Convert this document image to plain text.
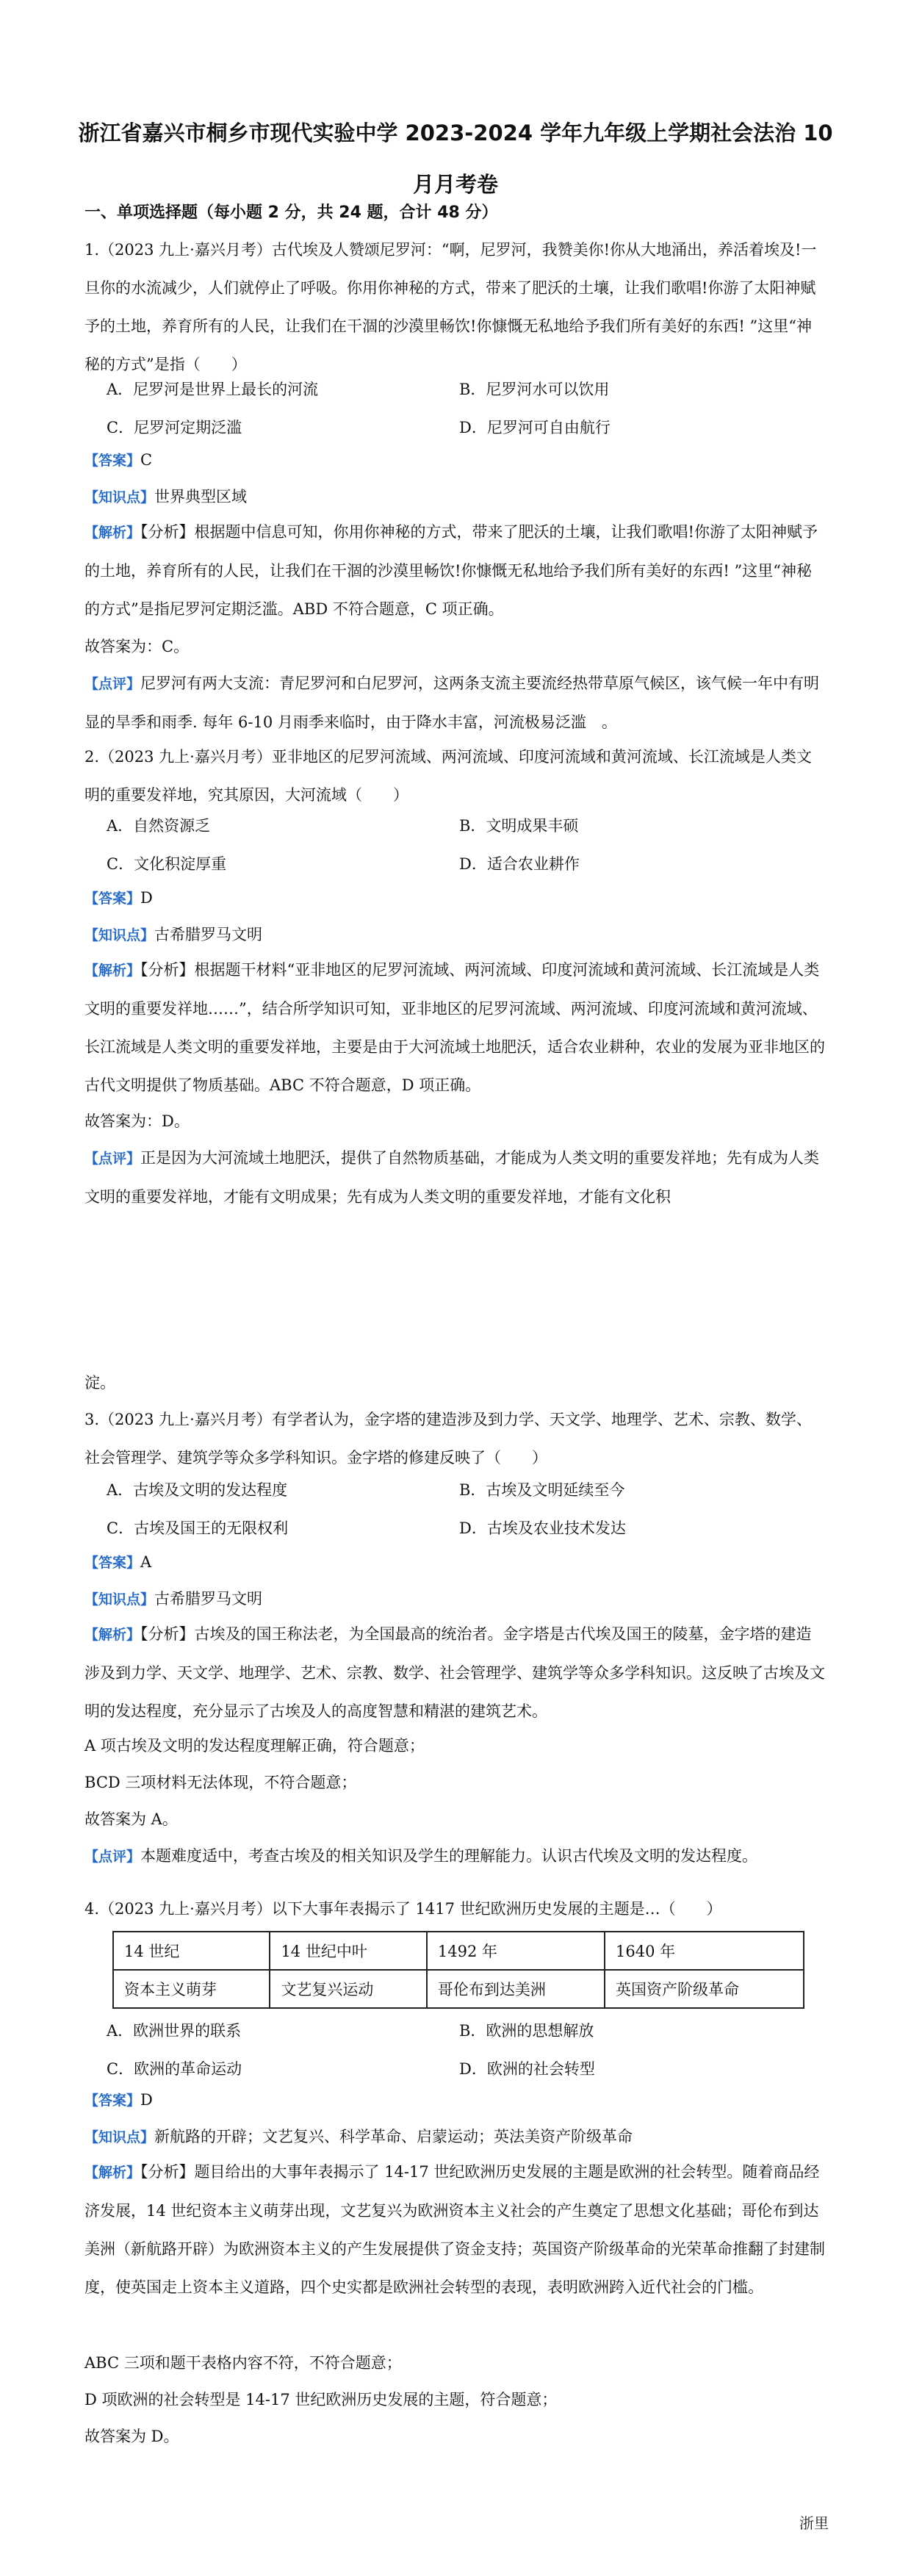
浙江省嘉兴市桐乡市现代实验中学 2023-2024 学年九年级上学期社会法治 10
月月考卷
一、单项选择题（每小题 2 分，共 24 题，合计 48 分）
1.（2023 九上·嘉兴月考）古代埃及人赞颂尼罗河：“啊，尼罗河，我赞美你!你从大地涌出，养活着埃及!一旦你的水流减少，人们就停止了呼吸。你用你神秘的方式，带来了肥沃的土壤，让我们歌唱!你游了太阳神赋予的土地，养育所有的人民，让我们在干涸的沙漠里畅饮!你慷慨无私地给予我们所有美好的东西! ”这里“神秘的方式”是指（　　）
A．尼罗河是世界上最长的河流	B．尼罗河水可以饮用
C．尼罗河定期泛滥	D．尼罗河可自由航行
【答案】C
【知识点】世界典型区域
【解析】【分析】根据题中信息可知，你用你神秘的方式，带来了肥沃的土壤，让我们歌唱!你游了太阳神赋予的土地，养育所有的人民，让我们在干涸的沙漠里畅饮!你慷慨无私地给予我们所有美好的东西! ”这里“神秘的方式”是指尼罗河定期泛滥。ABD 不符合题意，C 项正确。
故答案为：C。
【点评】尼罗河有两大支流：青尼罗河和白尼罗河，这两条支流主要流经热带草原气候区，该气候一年中有明显的旱季和雨季. 每年 6-10 月雨季来临时，由于降水丰富，河流极易泛滥　。
2.（2023 九上·嘉兴月考）亚非地区的尼罗河流域、两河流域、印度河流域和黄河流域、长江流域是人类文明的重要发祥地，究其原因，大河流域（　　）
A．自然资源乏	B．文明成果丰硕
C．文化积淀厚重	D．适合农业耕作
【答案】D
【知识点】古希腊罗马文明
【解析】【分析】根据题干材料“亚非地区的尼罗河流域、两河流域、印度河流域和黄河流域、长江流域是人类文明的重要发祥地……”，结合所学知识可知，亚非地区的尼罗河流域、两河流域、印度河流域和黄河流域、长江流域是人类文明的重要发祥地，主要是由于大河流域土地肥沃，适合农业耕种，农业的发展为亚非地区的古代文明提供了物质基础。ABC 不符合题意，D 项正确。
故答案为：D。
【点评】正是因为大河流域土地肥沃，提供了自然物质基础，才能成为人类文明的重要发祥地；先有成为人类文明的重要发祥地，才能有文明成果；先有成为人类文明的重要发祥地，才能有文化积
淀。
3.（2023 九上·嘉兴月考）有学者认为，金字塔的建造涉及到力学、天文学、地理学、艺术、宗教、数学、社会管理学、建筑学等众多学科知识。金字塔的修建反映了（　　）
A．古埃及文明的发达程度	B．古埃及文明延续至今
C．古埃及国王的无限权利	D．古埃及农业技术发达
【答案】A
【知识点】古希腊罗马文明
【解析】【分析】古埃及的国王称法老，为全国最高的统治者。金字塔是古代埃及国王的陵墓，金字塔的建造涉及到力学、天文学、地理学、艺术、宗教、数学、社会管理学、建筑学等众多学科知识。这反映了古埃及文明的发达程度，充分显示了古埃及人的高度智慧和精湛的建筑艺术。
A 项古埃及文明的发达程度理解正确，符合题意；
BCD 三项材料无法体现，不符合题意；
故答案为 A。
【点评】本题难度适中，考查古埃及的相关知识及学生的理解能力。认识古代埃及文明的发达程度。
4.（2023 九上·嘉兴月考）以下大事年表揭示了 1417 世纪欧洲历史发展的主题是…（　　）
14 世纪	14 世纪中叶	1492 年	1640 年
资本主义萌芽	文艺复兴运动	哥伦布到达美洲	英国资产阶级革命
A．欧洲世界的联系	B．欧洲的思想解放
C．欧洲的革命运动	D．欧洲的社会转型
【答案】D
【知识点】新航路的开辟；文艺复兴、科学革命、启蒙运动；英法美资产阶级革命
【解析】【分析】题目给出的大事年表揭示了 14-17 世纪欧洲历史发展的主题是欧洲的社会转型。随着商品经济发展，14 世纪资本主义萌芽出现，文艺复兴为欧洲资本主义社会的产生奠定了思想文化基础；哥伦布到达美洲（新航路开辟）为欧洲资本主义的产生发展提供了资金支持；英国资产阶级革命的光荣革命推翻了封建制度，使英国走上资本主义道路，四个史实都是欧洲社会转型的表现，表明欧洲跨入近代社会的门槛。
ABC 三项和题干表格内容不符，不符合题意；
D 项欧洲的社会转型是 14-17 世纪欧洲历史发展的主题，符合题意；
故答案为 D。
浙里
